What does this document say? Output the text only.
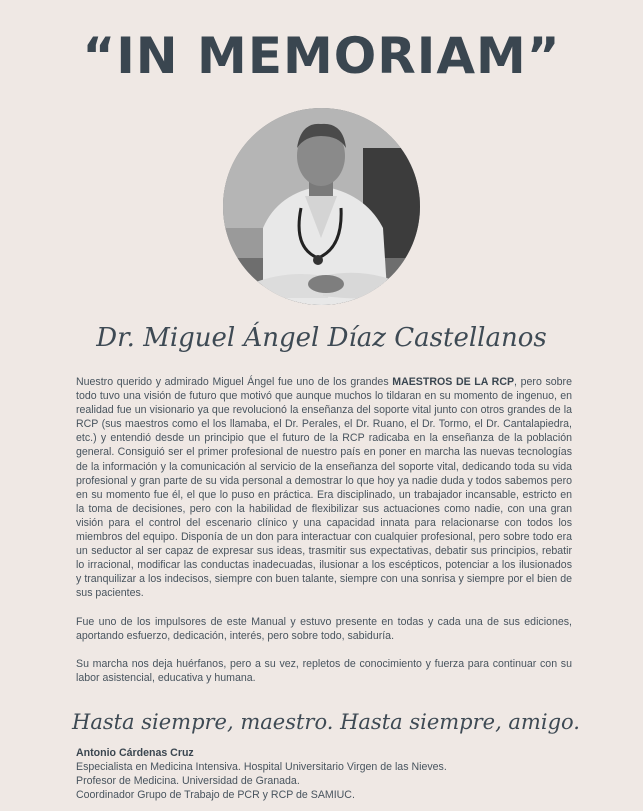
“IN MEMORIAM”
Dr. Miguel Ángel Díaz Castellanos

Nuestro querido y admirado Miguel Ángel fue uno de los grandes MAESTROS DE LA RCP, pero sobre todo tuvo una visión de futuro que motivó que aunque muchos lo tildaran en su momento de ingenuo, en realidad fue un visionario ya que revolucionó la enseñanza del soporte vital junto con otros grandes de la RCP (sus maestros como el los llamaba, el Dr. Perales, el Dr. Ruano, el Dr. Tormo, el Dr. Cantalapiedra, etc.) y entendió desde un principio que el futuro de la RCP radicaba en la enseñanza de la población general. Consiguió ser el primer profesional de nuestro país en poner en marcha las nuevas tecnologías de la información y la comunicación al servicio de la enseñanza del soporte vital, dedicando toda su vida profesional y gran parte de su vida personal a demostrar lo que hoy ya nadie duda y todos sabemos pero en su momento fue él, el que lo puso en práctica. Era disciplinado, un trabajador incansable, estricto en la toma de decisiones, pero con la habilidad de flexibilizar sus actuaciones como nadie, con una gran visión para el control del escenario clínico y una capacidad innata para relacionarse con todos los miembros del equipo. Disponía de un don para interactuar con cualquier profesional, pero sobre todo era un seductor al ser capaz de expresar sus ideas, trasmitir sus expectativas, debatir sus principios, rebatir lo irracional, modificar las conductas inadecuadas, ilusionar a los escépticos, potenciar a los ilusionados y tranquilizar a los indecisos, siempre con buen talante, siempre con una sonrisa y siempre por el bien de sus pacientes.

Fue uno de los impulsores de este Manual y estuvo presente en todas y cada una de sus ediciones, aportando esfuerzo, dedicación, interés, pero sobre todo, sabiduría.

Su marcha nos deja huérfanos, pero a su vez, repletos de conocimiento y fuerza para continuar con su labor asistencial, educativa y humana.

Hasta siempre, maestro. Hasta siempre, amigo.
Antonio Cárdenas Cruz
Especialista en Medicina Intensiva. Hospital Universitario Virgen de las Nieves.
Profesor de Medicina. Universidad de Granada.
Coordinador Grupo de Trabajo de PCR y RCP de SAMIUC.
